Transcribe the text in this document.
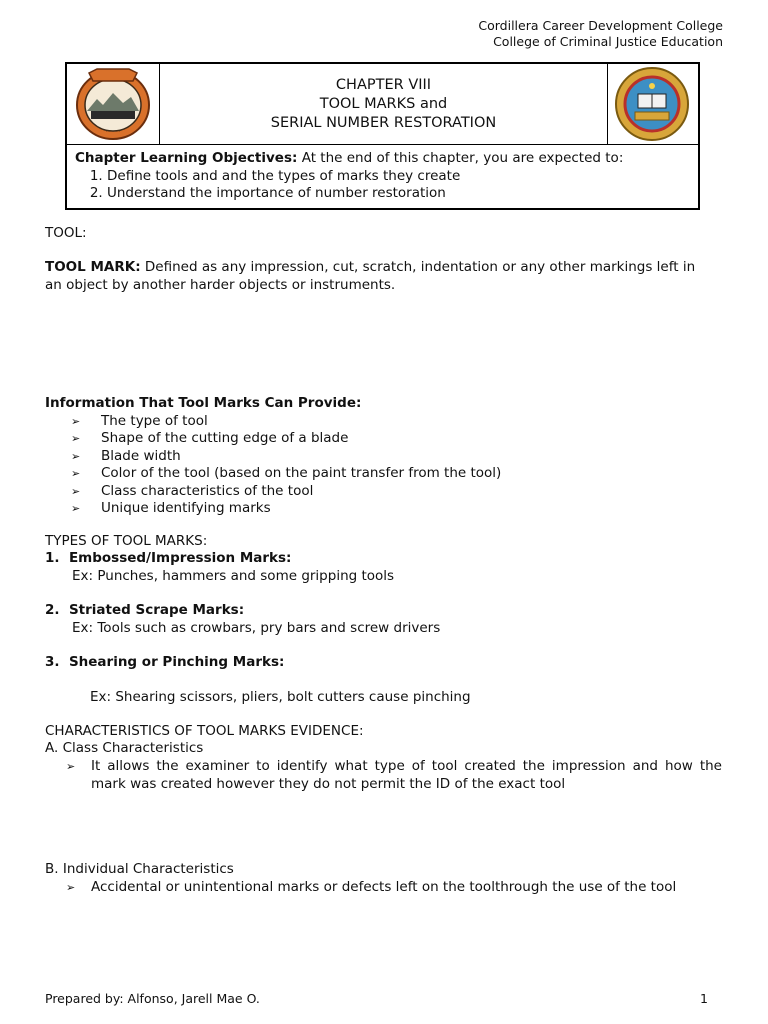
Cordillera Career Development College
College of Criminal Justice Education
· · · · ·
CHAPTER VIII
TOOL MARKS and
SERIAL NUMBER RESTORATION
Chapter Learning Objectives: At the end of this chapter, you are expected to:
1. Define tools and and the types of marks they create
2. Understand the importance of number restoration
TOOL:
TOOL MARK: Defined as any impression, cut, scratch, indentation or any other markings left in
an object by another harder objects or instruments.
Information That Tool Marks Can Provide:
➢ The type of tool
➢ Shape of the cutting edge of a blade
➢ Blade width
➢ Color of the tool (based on the paint transfer from the tool)
➢ Class characteristics of the tool
➢ Unique identifying marks
TYPES OF TOOL MARKS:
1. Embossed/Impression Marks:
Ex: Punches, hammers and some gripping tools
2. Striated Scrape Marks:
Ex: Tools such as crowbars, pry bars and screw drivers
3. Shearing or Pinching Marks:
Ex: Shearing scissors, pliers, bolt cutters cause pinching
CHARACTERISTICS OF TOOL MARKS EVIDENCE:
A. Class Characteristics
➢ It allows the examiner to identify what type of tool created the impression and how the
mark was created however they do not permit the ID of the exact tool
B. Individual Characteristics
➢ Accidental or unintentional marks or defects left on the toolthrough the use of the tool
Prepared by: Alfonso, Jarell Mae O.	1
